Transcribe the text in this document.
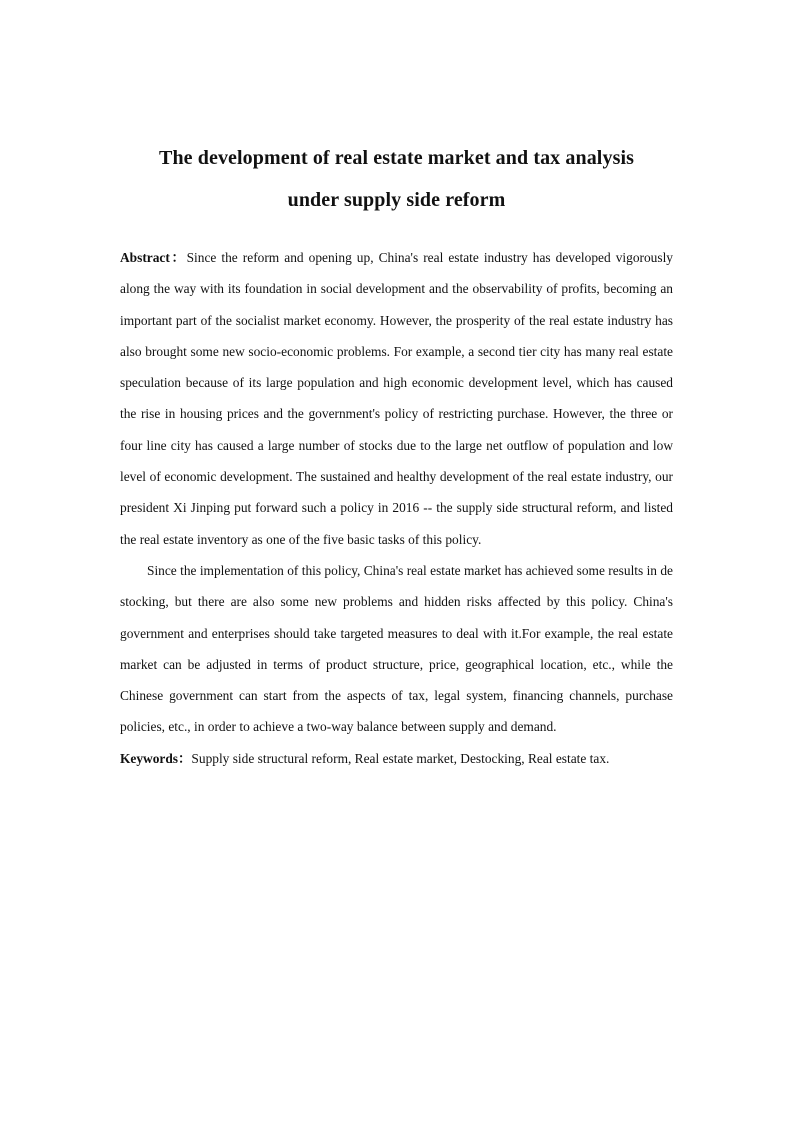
The development of real estate market and tax analysis
under supply side reform

Abstract：Since the reform and opening up, China's real estate industry has developed vigorously along the way with its foundation in social development and the observability of profits, becoming an important part of the socialist market economy. However, the prosperity of the real estate industry has also brought some new socio-economic problems. For example, a second tier city has many real estate speculation because of its large population and high economic development level, which has caused the rise in housing prices and the government's policy of restricting purchase. However, the three or four line city has caused a large number of stocks due to the large net outflow of population and low level of economic development. The sustained and healthy development of the real estate industry, our president Xi Jinping put forward such a policy in 2016 -- the supply side structural reform, and listed the real estate inventory as one of the five basic tasks of this policy.

Since the implementation of this policy, China's real estate market has achieved some results in de stocking, but there are also some new problems and hidden risks affected by this policy. China's government and enterprises should take targeted measures to deal with it.For example, the real estate market can be adjusted in terms of product structure, price, geographical location, etc., while the Chinese government can start from the aspects of tax, legal system, financing channels, purchase policies, etc., in order to achieve a two-way balance between supply and demand.

Keywords：Supply side structural reform, Real estate market, Destocking, Real estate tax.
